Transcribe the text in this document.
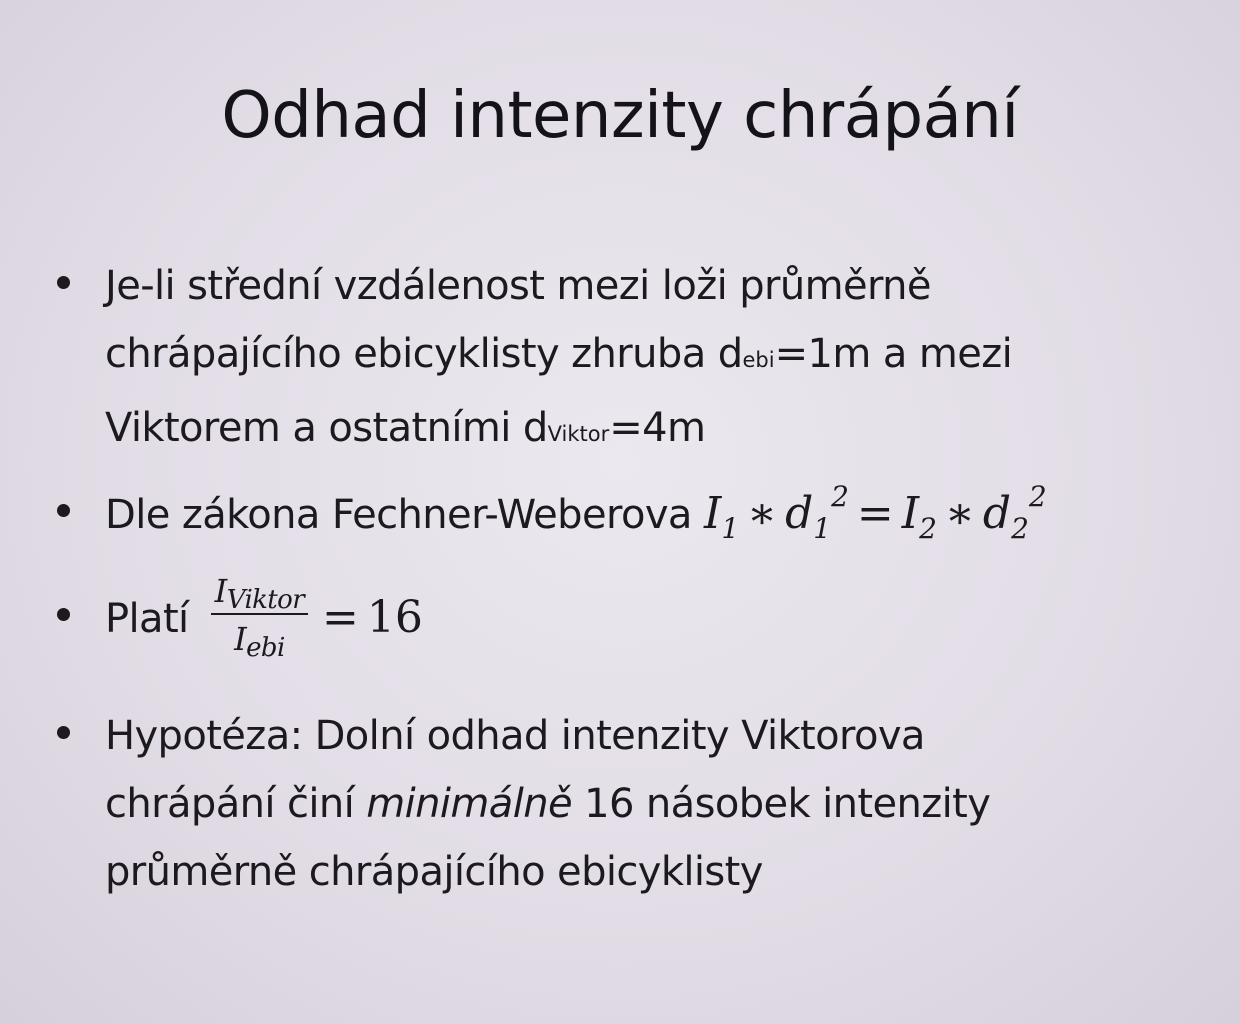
Odhad intenzity chrápání
Je-li střední vzdálenost mezi loži průměrně
chrápajícího ebicyklisty zhruba debi=1m a mezi
Viktorem a ostatními dViktor=4m
Dle zákona Fechner-Weberova $I_1$ ∗ $d_1^2 = I_2$ ∗ $d_2^2$
Platí $\frac{I_{Viktor}}{I_{ebi}} = 16$
Hypotéza: Dolní odhad intenzity Viktorova
chrápání činí minimálně 16 násobek intenzity
průměrně chrápajícího ebicyklisty
